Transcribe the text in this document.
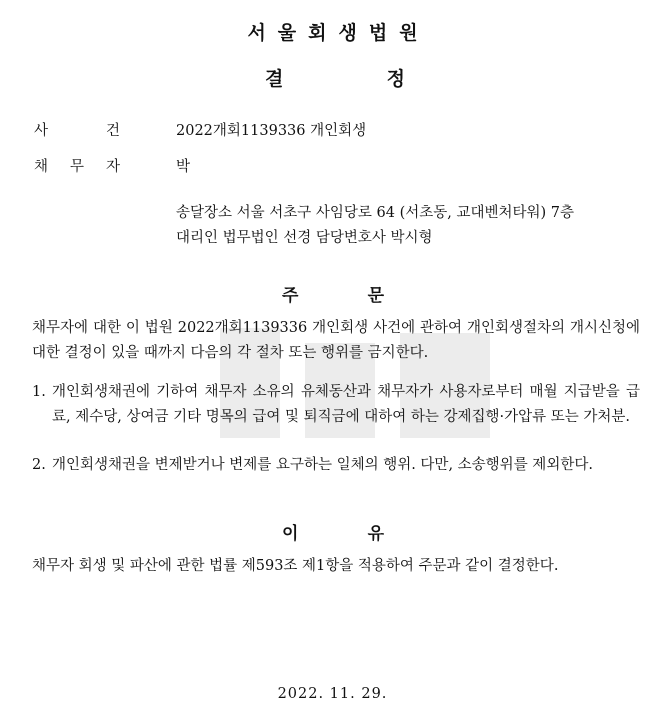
서울회생법원
결	정
사	건	2022개회1139336 개인회생
채 무 자	박
송달장소 서울 서초구 사임당로 64 (서초동, 교대벤처타워) 7층
대리인 법무법인 선경 담당변호사 박시형
주	문
채무자에 대한 이 법원 2022개회1139336 개인회생 사건에 관하여 개인회생절차의 개시신청에 대한 결정이 있을 때까지 다음의 각 절차 또는 행위를 금지한다.
1. 개인회생채권에 기하여 채무자 소유의 유체동산과 채무자가 사용자로부터 매월 지급받을 급료, 제수당, 상여금 기타 명목의 급여 및 퇴직금에 대하여 하는 강제집행·가압류 또는 가처분.
2. 개인회생채권을 변제받거나 변제를 요구하는 일체의 행위. 다만, 소송행위를 제외한다.
이	유
채무자 회생 및 파산에 관한 법률 제593조 제1항을 적용하여 주문과 같이 결정한다.
2022. 11. 29.
